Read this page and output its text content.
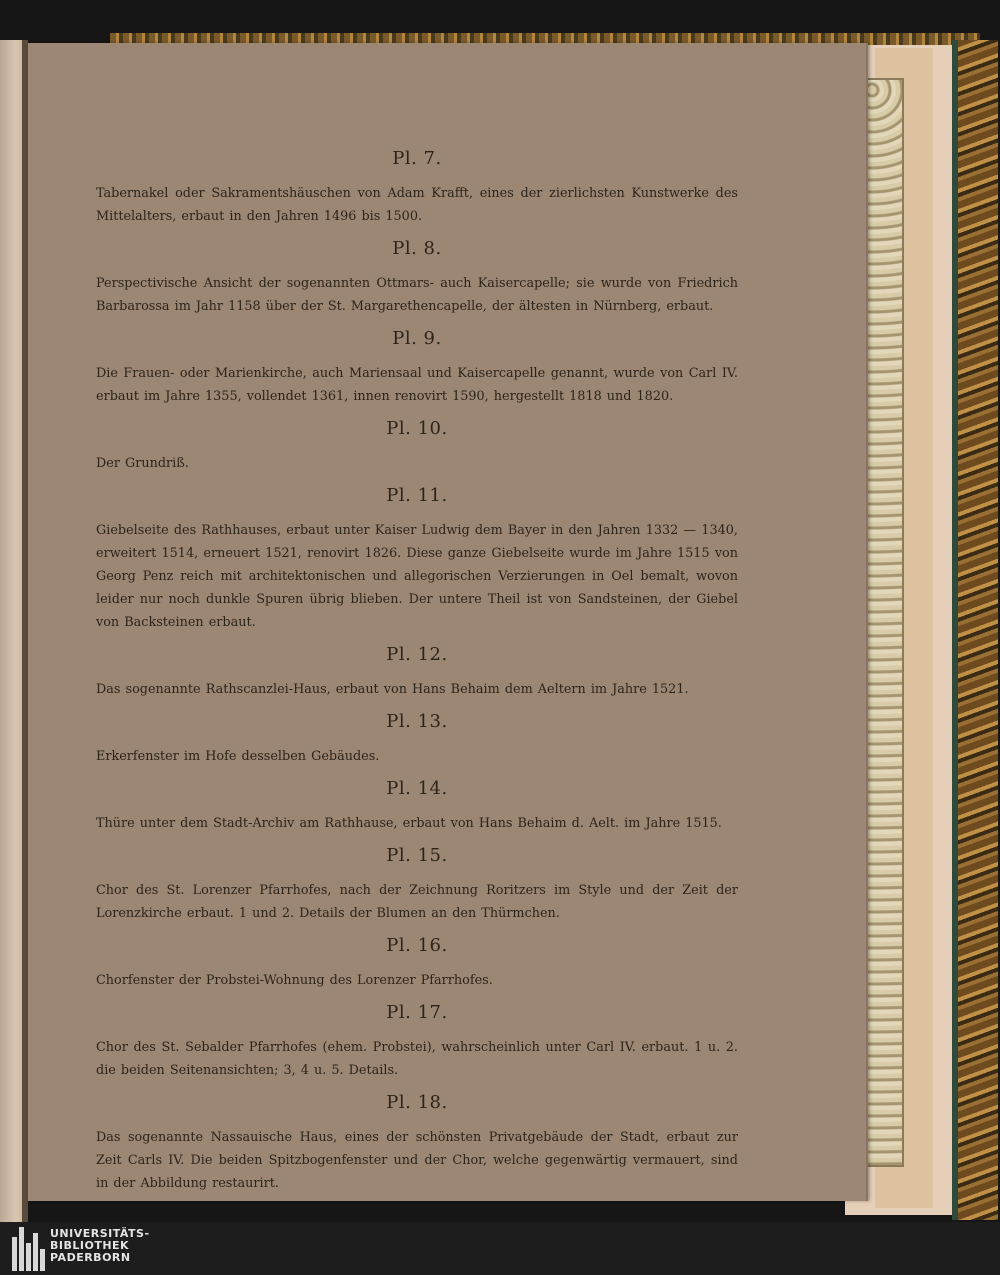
Pl. 7.
Tabernakel oder Sakramentshäuschen von Adam Krafft, eines der zierlichsten Kunstwerke des Mittelalters, erbaut in den Jahren 1496 bis 1500.
Pl. 8.
Perspectivische Ansicht der sogenannten Ottmars- auch Kaisercapelle; sie wurde von Friedrich Barbarossa im Jahr 1158 über der St. Margarethencapelle, der ältesten in Nürnberg, erbaut.
Pl. 9.
Die Frauen- oder Marienkirche, auch Mariensaal und Kaisercapelle genannt, wurde von Carl IV. erbaut im Jahre 1355, vollendet 1361, innen renovirt 1590, hergestellt 1818 und 1820.
Pl. 10.
Der Grundriß.
Pl. 11.
Giebelseite des Rathhauses, erbaut unter Kaiser Ludwig dem Bayer in den Jahren 1332 — 1340, erweitert 1514, erneuert 1521, renovirt 1826. Diese ganze Giebelseite wurde im Jahre 1515 von Georg Penz reich mit architektonischen und allegorischen Verzierungen in Oel bemalt, wovon leider nur noch dunkle Spuren übrig blieben. Der untere Theil ist von Sandsteinen, der Giebel von Backsteinen erbaut.
Pl. 12.
Das sogenannte Rathscanzlei-Haus, erbaut von Hans Behaim dem Aeltern im Jahre 1521.
Pl. 13.
Erkerfenster im Hofe desselben Gebäudes.
Pl. 14.
Thüre unter dem Stadt-Archiv am Rathhause, erbaut von Hans Behaim d. Aelt. im Jahre 1515.
Pl. 15.
Chor des St. Lorenzer Pfarrhofes, nach der Zeichnung Roritzers im Style und der Zeit der Lorenzkirche erbaut. 1 und 2. Details der Blumen an den Thürmchen.
Pl. 16.
Chorfenster der Probstei-Wohnung des Lorenzer Pfarrhofes.
Pl. 17.
Chor des St. Sebalder Pfarrhofes (ehem. Probstei), wahrscheinlich unter Carl IV. erbaut. 1 u. 2. die beiden Seitenansichten; 3, 4 u. 5. Details.
Pl. 18.
Das sogenannte Nassauische Haus, eines der schönsten Privatgebäude der Stadt, erbaut zur Zeit Carls IV. Die beiden Spitzbogenfenster und der Chor, welche gegenwärtig vermauert, sind in der Abbildung restaurirt.
UNIVERSITÄTS-
BIBLIOTHEK
PADERBORN
